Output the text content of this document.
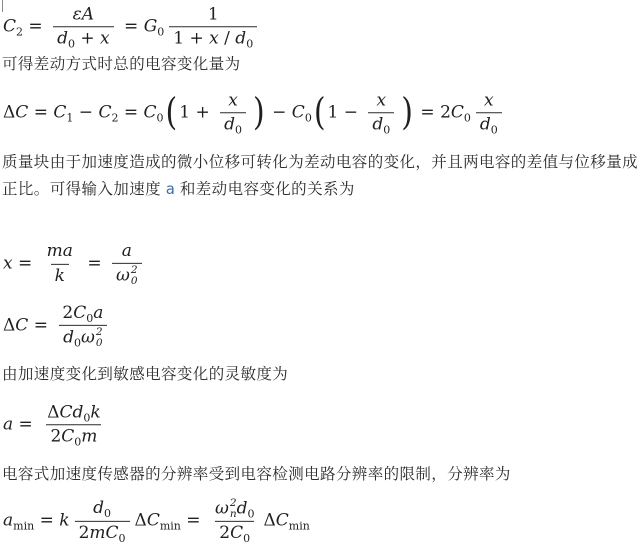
$C_2 = \frac{\varepsilon A}{d_0 + x} = G_0 \frac{1}{1 + x / d_0}$

可得差动方式时总的电容变化量为

$\Delta C = C_1 - C_2 = C_0$( $1 + \frac{x}{d_0}$ ) − $C_0$( $1 - \frac{x}{d_0}$ ) = $2C_0 \frac{x}{d_0}$

质量块由于加速度造成的微小位移可转化为差动电容的变化，并且两电容的差值与位移量成正比。可得输入加速度 a 和差动电容变化的关系为

$x = \frac{ma}{k} = a$
ω 2
0
$\Delta C = 2C_0a$
$d_0\omega$ 2
0

由加速度变化到敏感电容变化的灵敏度为

$a = \frac{\Delta Cd_0k}{2C_0m}$

电容式加速度传感器的分辨率受到电容检测电路分辨率的限制，分辨率为

$a_{min} = k \frac{d_0}{2mC_0} \Delta C_{min} = \omega$ 2
n $d_0$
$2C_0$ $\Delta C_{min}$
